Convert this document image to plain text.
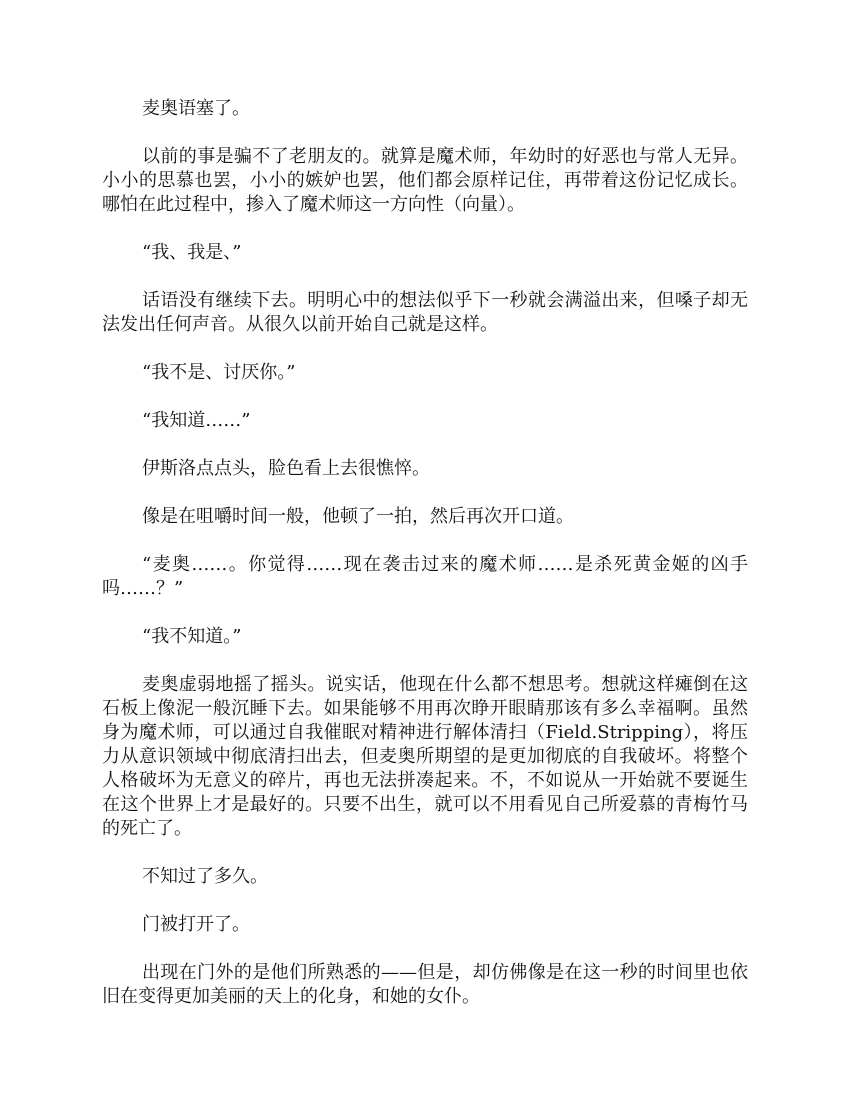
麦奥语塞了。

以前的事是骗不了老朋友的。就算是魔术师，年幼时的好恶也与常人无异。小小的思慕也罢，小小的嫉妒也罢，他们都会原样记住，再带着这份记忆成长。哪怕在此过程中，掺入了魔术师这一方向性（向量）。

“我、我是、”

话语没有继续下去。明明心中的想法似乎下一秒就会满溢出来，但嗓子却无法发出任何声音。从很久以前开始自己就是这样。

“我不是、讨厌你。”

“我知道……”

伊斯洛点点头，脸色看上去很憔悴。

像是在咀嚼时间一般，他顿了一拍，然后再次开口道。

“麦奥……。你觉得……现在袭击过来的魔术师……是杀死黄金姬的凶手吗……？”

“我不知道。”

麦奥虚弱地摇了摇头。说实话，他现在什么都不想思考。想就这样瘫倒在这石板上像泥一般沉睡下去。如果能够不用再次睁开眼睛那该有多么幸福啊。虽然身为魔术师，可以通过自我催眠对精神进行解体清扫（Field.Stripping），将压力从意识领域中彻底清扫出去，但麦奥所期望的是更加彻底的自我破坏。将整个人格破坏为无意义的碎片，再也无法拼凑起来。不，不如说从一开始就不要诞生在这个世界上才是最好的。只要不出生，就可以不用看见自己所爱慕的青梅竹马的死亡了。

不知过了多久。

门被打开了。

出现在门外的是他们所熟悉的——但是，却仿佛像是在这一秒的时间里也依旧在变得更加美丽的天上的化身，和她的女仆。
